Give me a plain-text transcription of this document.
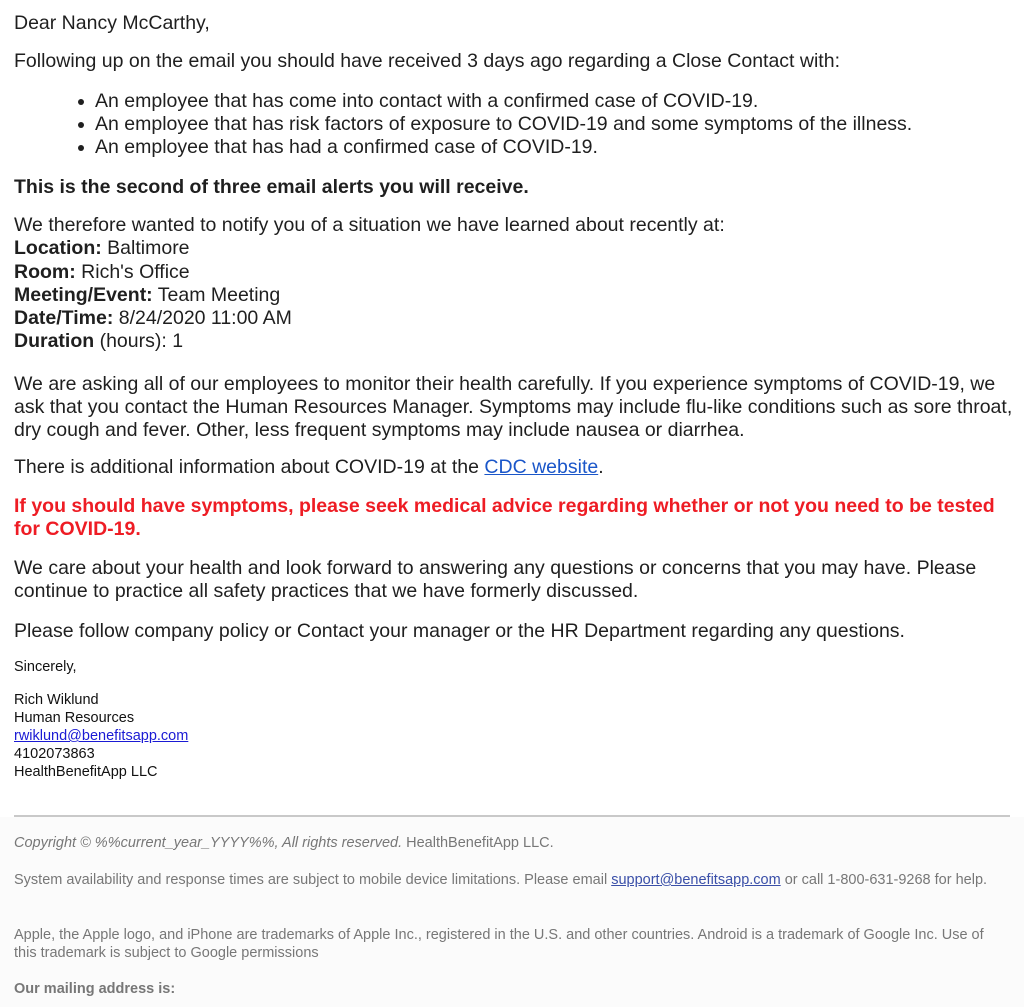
Dear Nancy McCarthy,
Following up on the email you should have received 3 days ago regarding a Close Contact with:
An employee that has come into contact with a confirmed case of COVID-19.
An employee that has risk factors of exposure to COVID-19 and some symptoms of the illness.
An employee that has had a confirmed case of COVID-19.
This is the second of three email alerts you will receive.
We therefore wanted to notify you of a situation we have learned about recently at:
Location: Baltimore
Room: Rich's Office
Meeting/Event: Team Meeting
Date/Time: 8/24/2020 11:00 AM
Duration (hours): 1
We are asking all of our employees to monitor their health carefully. If you experience symptoms of COVID-19, we ask that you contact the Human Resources Manager. Symptoms may include flu-like conditions such as sore throat, dry cough and fever. Other, less frequent symptoms may include nausea or diarrhea.
There is additional information about COVID-19 at the CDC website.
If you should have symptoms, please seek medical advice regarding whether or not you need to be tested for COVID-19.
We care about your health and look forward to answering any questions or concerns that you may have. Please continue to practice all safety practices that we have formerly discussed.
Please follow company policy or Contact your manager or the HR Department regarding any questions.
Sincerely,
Rich Wiklund
Human Resources
rwiklund@benefitsapp.com
4102073863
HealthBenefitApp LLC
Copyright © %%current_year_YYYY%%, All rights reserved. HealthBenefitApp LLC.
System availability and response times are subject to mobile device limitations. Please email support@benefitsapp.com or call 1-800-631-9268 for help.
Apple, the Apple logo, and iPhone are trademarks of Apple Inc., registered in the U.S. and other countries. Android is a trademark of Google Inc. Use of this trademark is subject to Google permissions
Our mailing address is:
